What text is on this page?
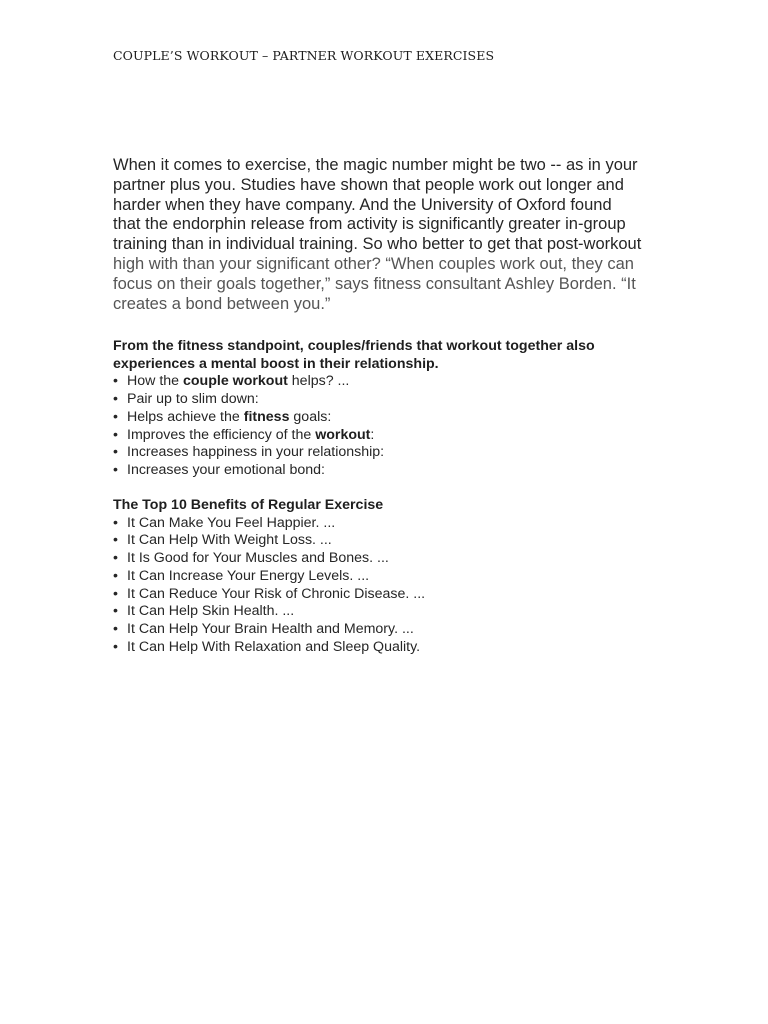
COUPLE’S WORKOUT – PARTNER WORKOUT EXERCISES

When it comes to exercise, the magic number might be two -- as in your
partner plus you. Studies have shown that people work out longer and
harder when they have company. And the University of Oxford found
that the endorphin release from activity is significantly greater in-group
training than in individual training. So who better to get that post-workout
high with than your significant other? “When couples work out, they can
focus on their goals together,” says fitness consultant Ashley Borden. “It
creates a bond between you.”

From the fitness standpoint, couples/friends that workout together also
experiences a mental boost in their relationship.

• How the couple workout helps? ...
• Pair up to slim down:
• Helps achieve the fitness goals:
• Improves the efficiency of the workout:
• Increases happiness in your relationship:
• Increases your emotional bond:

The Top 10 Benefits of Regular Exercise

• It Can Make You Feel Happier. ...
• It Can Help With Weight Loss. ...
• It Is Good for Your Muscles and Bones. ...
• It Can Increase Your Energy Levels. ...
• It Can Reduce Your Risk of Chronic Disease. ...
• It Can Help Skin Health. ...
• It Can Help Your Brain Health and Memory. ...
• It Can Help With Relaxation and Sleep Quality.
